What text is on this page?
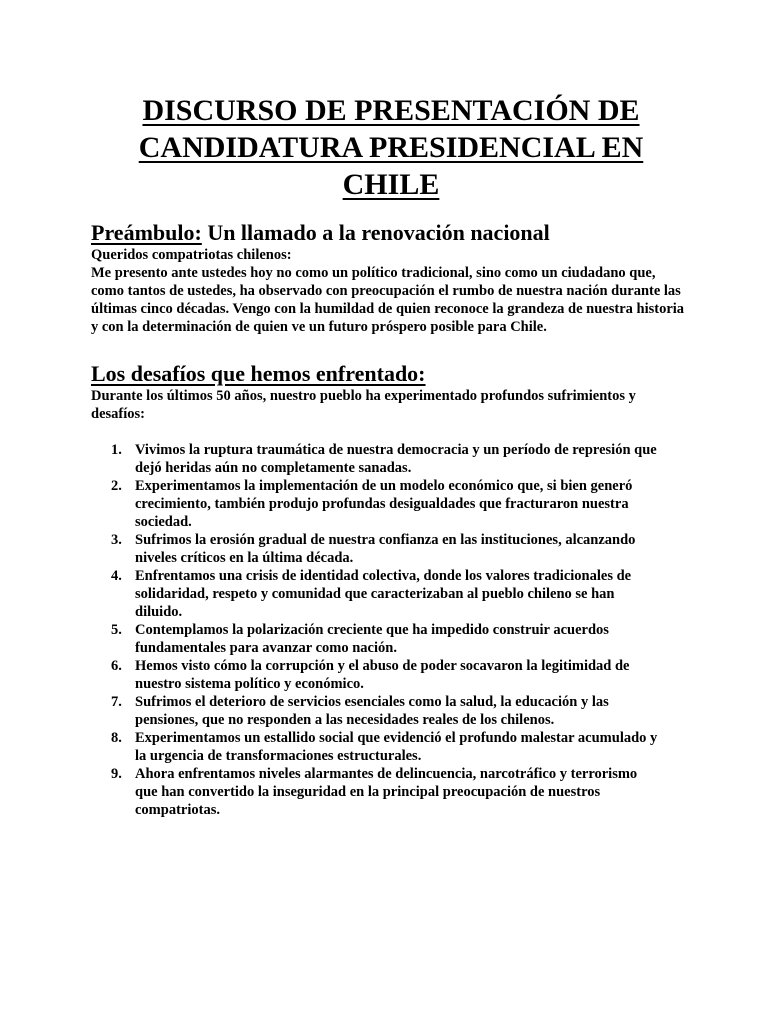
DISCURSO DE PRESENTACIÓN DE CANDIDATURA PRESIDENCIAL EN CHILE
Preámbulo: Un llamado a la renovación nacional

Queridos compatriotas chilenos:

Me presento ante ustedes hoy no como un político tradicional, sino como un ciudadano que, como tantos de ustedes, ha observado con preocupación el rumbo de nuestra nación durante las últimas cinco décadas. Vengo con la humildad de quien reconoce la grandeza de nuestra historia y con la determinación de quien ve un futuro próspero posible para Chile.

Los desafíos que hemos enfrentado:

Durante los últimos 50 años, nuestro pueblo ha experimentado profundos sufrimientos y desafíos:

1. Vivimos la ruptura traumática de nuestra democracia y un período de represión que dejó heridas aún no completamente sanadas.
2. Experimentamos la implementación de un modelo económico que, si bien generó crecimiento, también produjo profundas desigualdades que fracturaron nuestra sociedad.
3. Sufrimos la erosión gradual de nuestra confianza en las instituciones, alcanzando niveles críticos en la última década.
4. Enfrentamos una crisis de identidad colectiva, donde los valores tradicionales de solidaridad, respeto y comunidad que caracterizaban al pueblo chileno se han diluido.
5. Contemplamos la polarización creciente que ha impedido construir acuerdos fundamentales para avanzar como nación.
6. Hemos visto cómo la corrupción y el abuso de poder socavaron la legitimidad de nuestro sistema político y económico.
7. Sufrimos el deterioro de servicios esenciales como la salud, la educación y las pensiones, que no responden a las necesidades reales de los chilenos.
8. Experimentamos un estallido social que evidenció el profundo malestar acumulado y la urgencia de transformaciones estructurales.
9. Ahora enfrentamos niveles alarmantes de delincuencia, narcotráfico y terrorismo que han convertido la inseguridad en la principal preocupación de nuestros compatriotas.
